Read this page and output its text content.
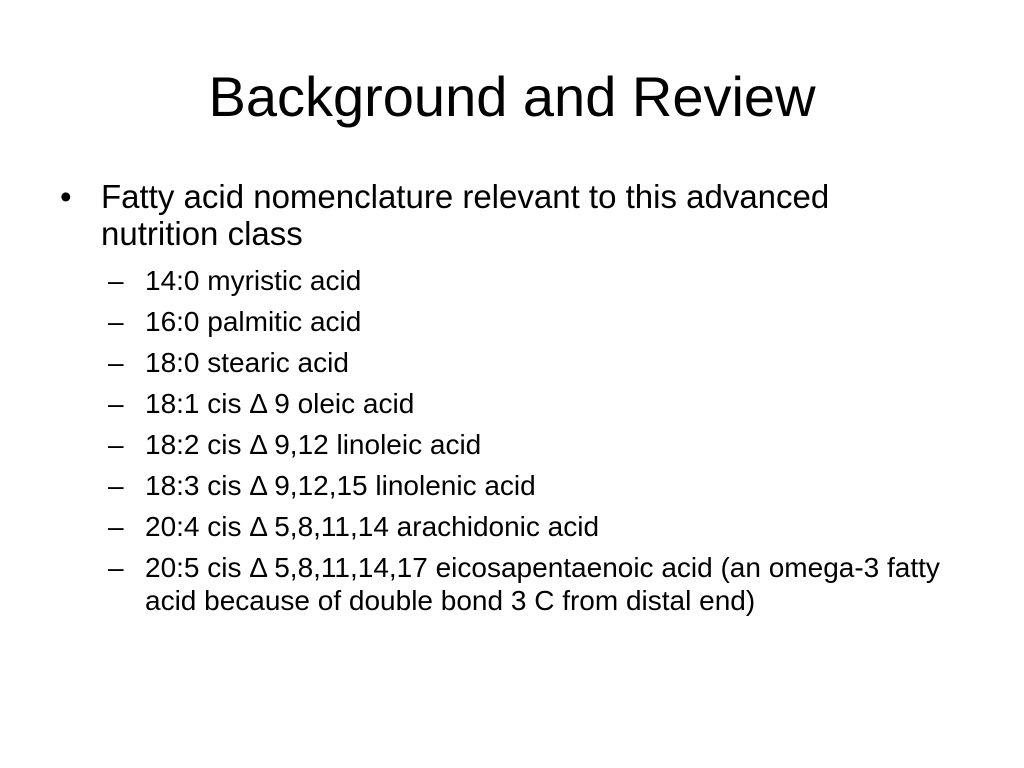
Background and Review
• Fatty acid nomenclature relevant to this advanced nutrition class
– 14:0 myristic acid
– 16:0 palmitic acid
– 18:0 stearic acid
– 18:1 cis Δ 9 oleic acid
– 18:2 cis Δ 9,12 linoleic acid
– 18:3 cis Δ 9,12,15 linolenic acid
– 20:4 cis Δ 5,8,11,14 arachidonic acid
– 20:5 cis Δ 5,8,11,14,17 eicosapentaenoic acid (an omega-3 fatty acid because of double bond 3 C from distal end)
